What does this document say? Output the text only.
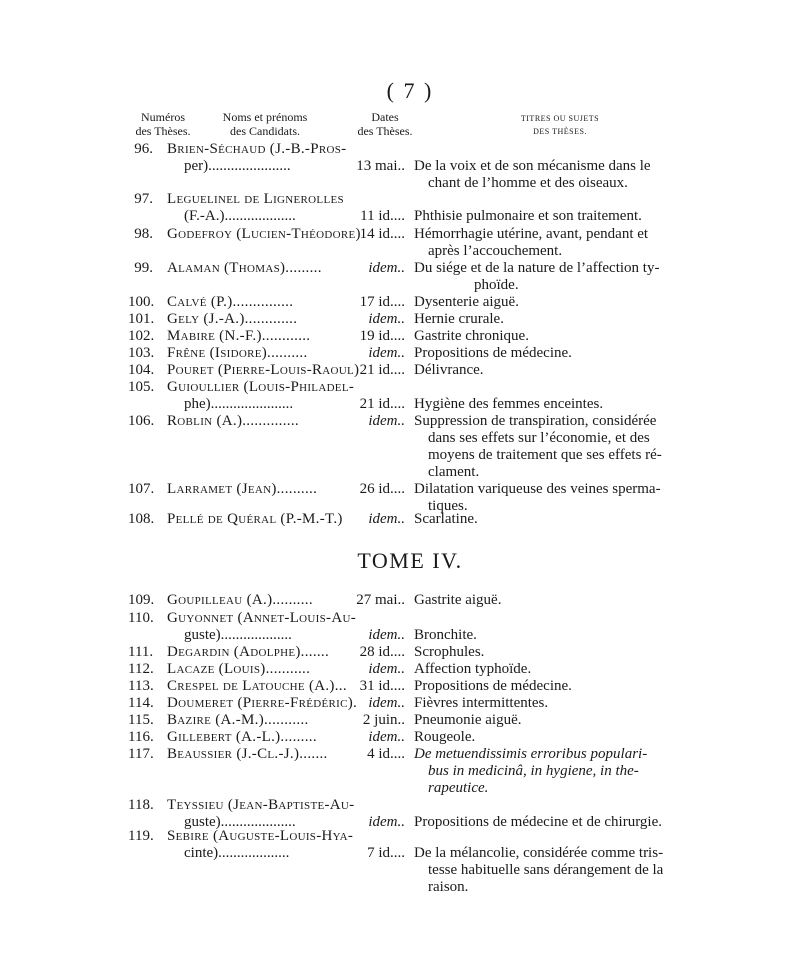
( 7 )
Numéros
des Thèses.
Noms et prénoms
des Candidats.
Dates
des Thèses.
TITRES OU SUJETS
DES THÈSES.
96. Brien-Séchaud (J.-B.-Pros-
per)......................	13 mai.. De la voix et de son mécanisme dans le
chant de l’homme et des oiseaux.
97. Leguelinel de Lignerolles
(F.-A.)...................	11 id.... Phthisie pulmonaire et son traitement.
98. Godefroy (Lucien-Théodore)
14 id.... Hémorrhagie utérine, avant, pendant et
après l’accouchement.
99. Alaman (Thomas).........	idem.. Du siége et de la nature de l’affection ty-
phoïde.
100. Calvé (P.)...............	17 id.... Dysenterie aiguë.
101. Gely (J.-A.).............	idem.. Hernie crurale.
102. Mabire (N.-F.)............	19 id.... Gastrite chronique.
103. Frêne (Isidore)..........	idem.. Propositions de médecine.
104. Pouret (Pierre-Louis-Raoul) 21 id.... Délivrance.
105. Guioullier (Louis-Philadel-
phe)......................	21 id.... Hygiène des femmes enceintes.
106. Roblin (A.)..............	idem.. Suppression de transpiration, considérée
dans ses effets sur l’économie, et des
moyens de traitement que ses effets ré-
clament.
107. Larramet (Jean)..........	26 id.... Dilatation variqueuse des veines sperma-
tiques.
108. Pellé de Quéral (P.-M.-T.)	idem.. Scarlatine.
TOME IV.
109. Goupilleau (A.)..........	27 mai.. Gastrite aiguë.
110. Guyonnet (Annet-Louis-Au-
guste)...................	idem.. Bronchite.
111. Degardin (Adolphe).......	28 id.... Scrophules.
112. Lacaze (Louis)...........	idem.. Affection typhoïde.
113. Crespel de Latouche (A.)... 31 id.... Propositions de médecine.
114. Doumeret (Pierre-Frédéric). idem.. Fièvres intermittentes.
115. Bazire (A.-M.)...........	2 juin.. Pneumonie aiguë.
116. Gillebert (A.-L.).........	idem.. Rougeole.
117. Beaussier (J.-Cl.-J.).......	4 id.... De metuendissimis erroribus populari-
bus in medicinâ, in hygiene, in the-
rapeutice.
118. Teyssieu (Jean-Baptiste-Au-
guste)....................	idem.. Propositions de médecine et de chirurgie.
119. Sebire (Auguste-Louis-Hya-
cinte)...................	7 id.... De la mélancolie, considérée comme tris-
tesse habituelle sans dérangement de la
raison.
